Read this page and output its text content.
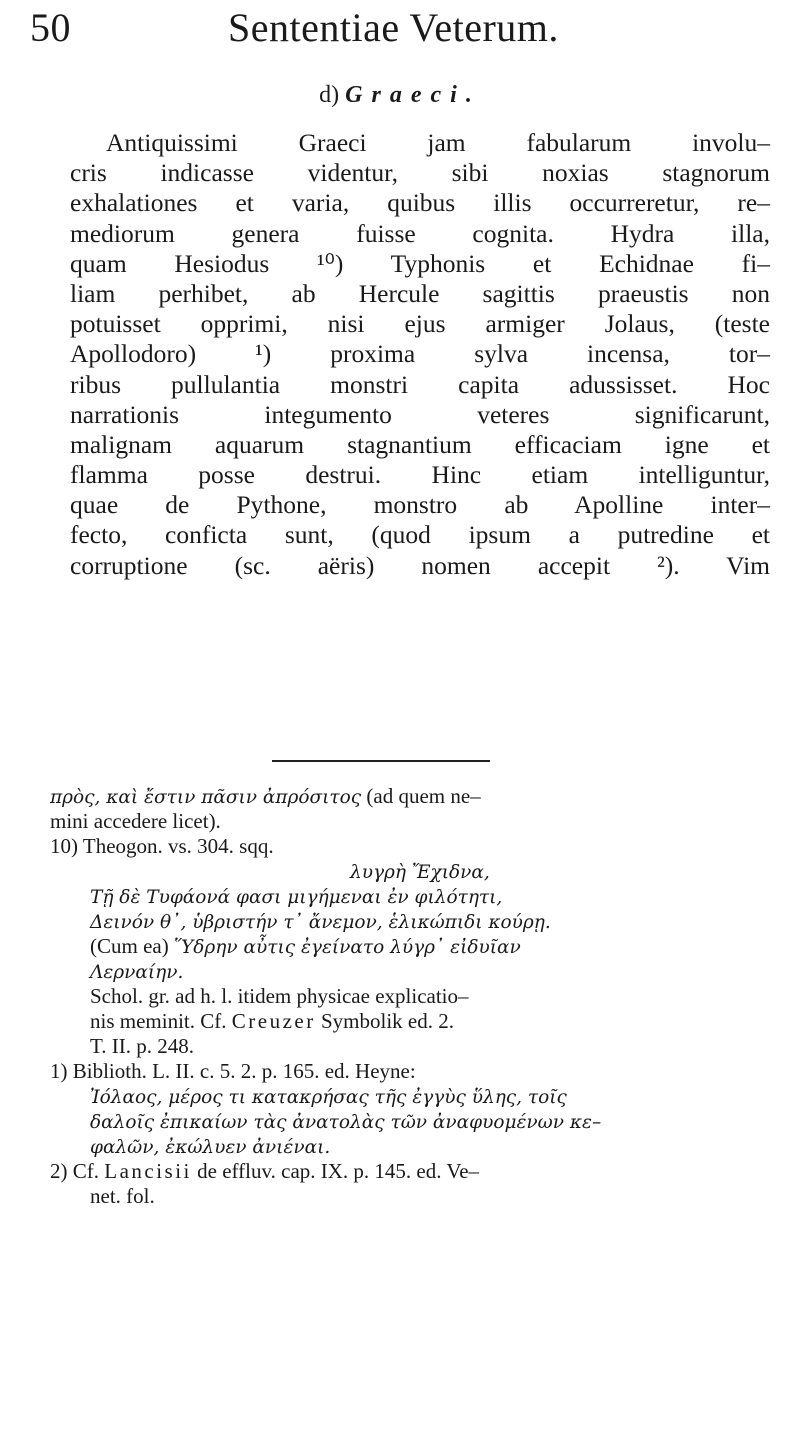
50	Sententiae Veterum.
d) Graeci.
Antiquissimi Graeci jam fabularum involu–
cris indicasse videntur, sibi noxias stagnorum
exhalationes et varia, quibus illis occurreretur, re–
mediorum genera fuisse cognita. Hydra illa,
quam Hesiodus ¹⁰) Typhonis et Echidnae fi–
liam perhibet, ab Hercule sagittis praeustis non
potuisset opprimi, nisi ejus armiger Jolaus, (teste
Apollodoro) ¹) proxima sylva incensa, tor–
ribus pullulantia monstri capita adussisset. Hoc
narrationis integumento veteres significarunt,
malignam aquarum stagnantium efficaciam igne et
flamma posse destrui. Hinc etiam intelliguntur,
quae de Pythone, monstro ab Apolline inter–
fecto, conficta sunt, (quod ipsum a putredine et
corruptione (sc. aëris) nomen accepit ²). Vim
πρὸς, καὶ ἔστιν πᾶσιν ἀπρόσιτος (ad quem ne–
mini accedere licet).
10) Theogon. vs. 304. sqq.
λυγρὴ Ἔχιδνα,
Τῇ δὲ Τυφάονά φασι μιγήμεναι ἐν φιλότητι,
Δεινόν θ᾽, ὑβριστήν τ᾽ ἄνεμον, ἑλικώπιδι κούρῃ.
(Cum ea) Ὕδρην αὖτις ἐγείνατο λύγρ᾽ εἰδυῖαν
Λερναίην.
Schol. gr. ad h. l. itidem physicae explicatio–
nis meminit. Cf. Creuzer Symbolik ed. 2.
T. II. p. 248.
1) Biblioth. L. II. c. 5. 2. p. 165. ed. Heyne:
Ἰόλαος, μέρος τι κατακρήσας τῆς ἐγγὺς ὕλης, τοῖς
δαλοῖς ἐπικαίων τὰς ἀνατολὰς τῶν ἀναφυομένων κε–
φαλῶν, ἐκώλυεν ἀνιέναι.
2) Cf. Lancisii de effluv. cap. IX. p. 145. ed. Ve–
net. fol.
